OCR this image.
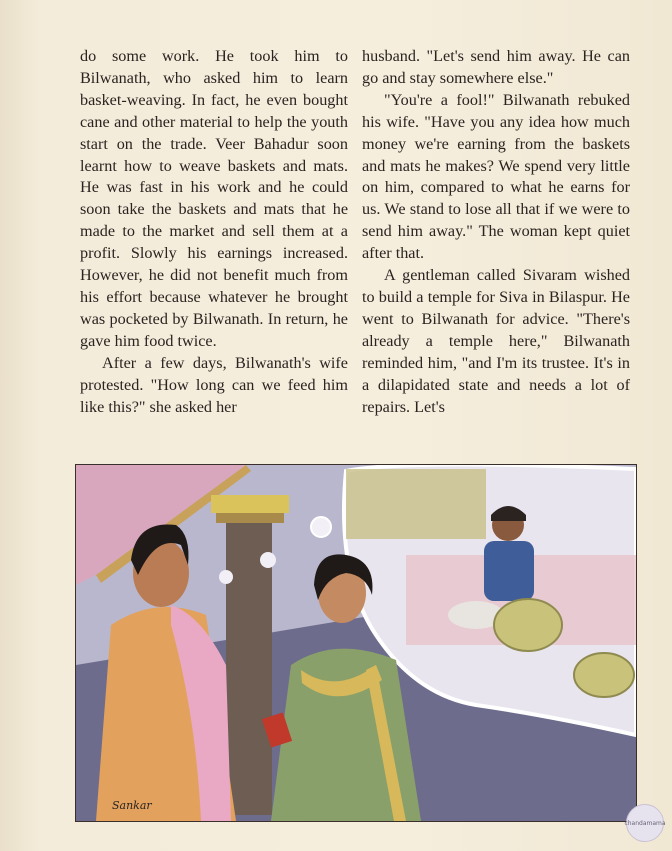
do some work. He took him to Bilwanath, who asked him to learn basket-weaving. In fact, he even bought cane and other material to help the youth start on the trade. Veer Bahadur soon learnt how to weave baskets and mats. He was fast in his work and he could soon take the baskets and mats that he made to the market and sell them at a profit. Slowly his earnings increased. However, he did not benefit much from his effort because whatever he brought was pocketed by Bilwanath. In return, he gave him food twice.

After a few days, Bilwanath's wife protested. "How long can we feed him like this?" she asked her

husband. "Let's send him away. He can go and stay somewhere else."

"You're a fool!" Bilwanath rebuked his wife. "Have you any idea how much money we're earning from the baskets and mats he makes? We spend very little on him, compared to what he earns for us. We stand to lose all that if we were to send him away." The woman kept quiet after that.

A gentleman called Sivaram wished to build a temple for Siva in Bilaspur. He went to Bilwanath for advice. "There's already a temple here," Bilwanath reminded him, "and I'm its trustee. It's in a dilapidated state and needs a lot of repairs. Let's

Sankar
chandamama
